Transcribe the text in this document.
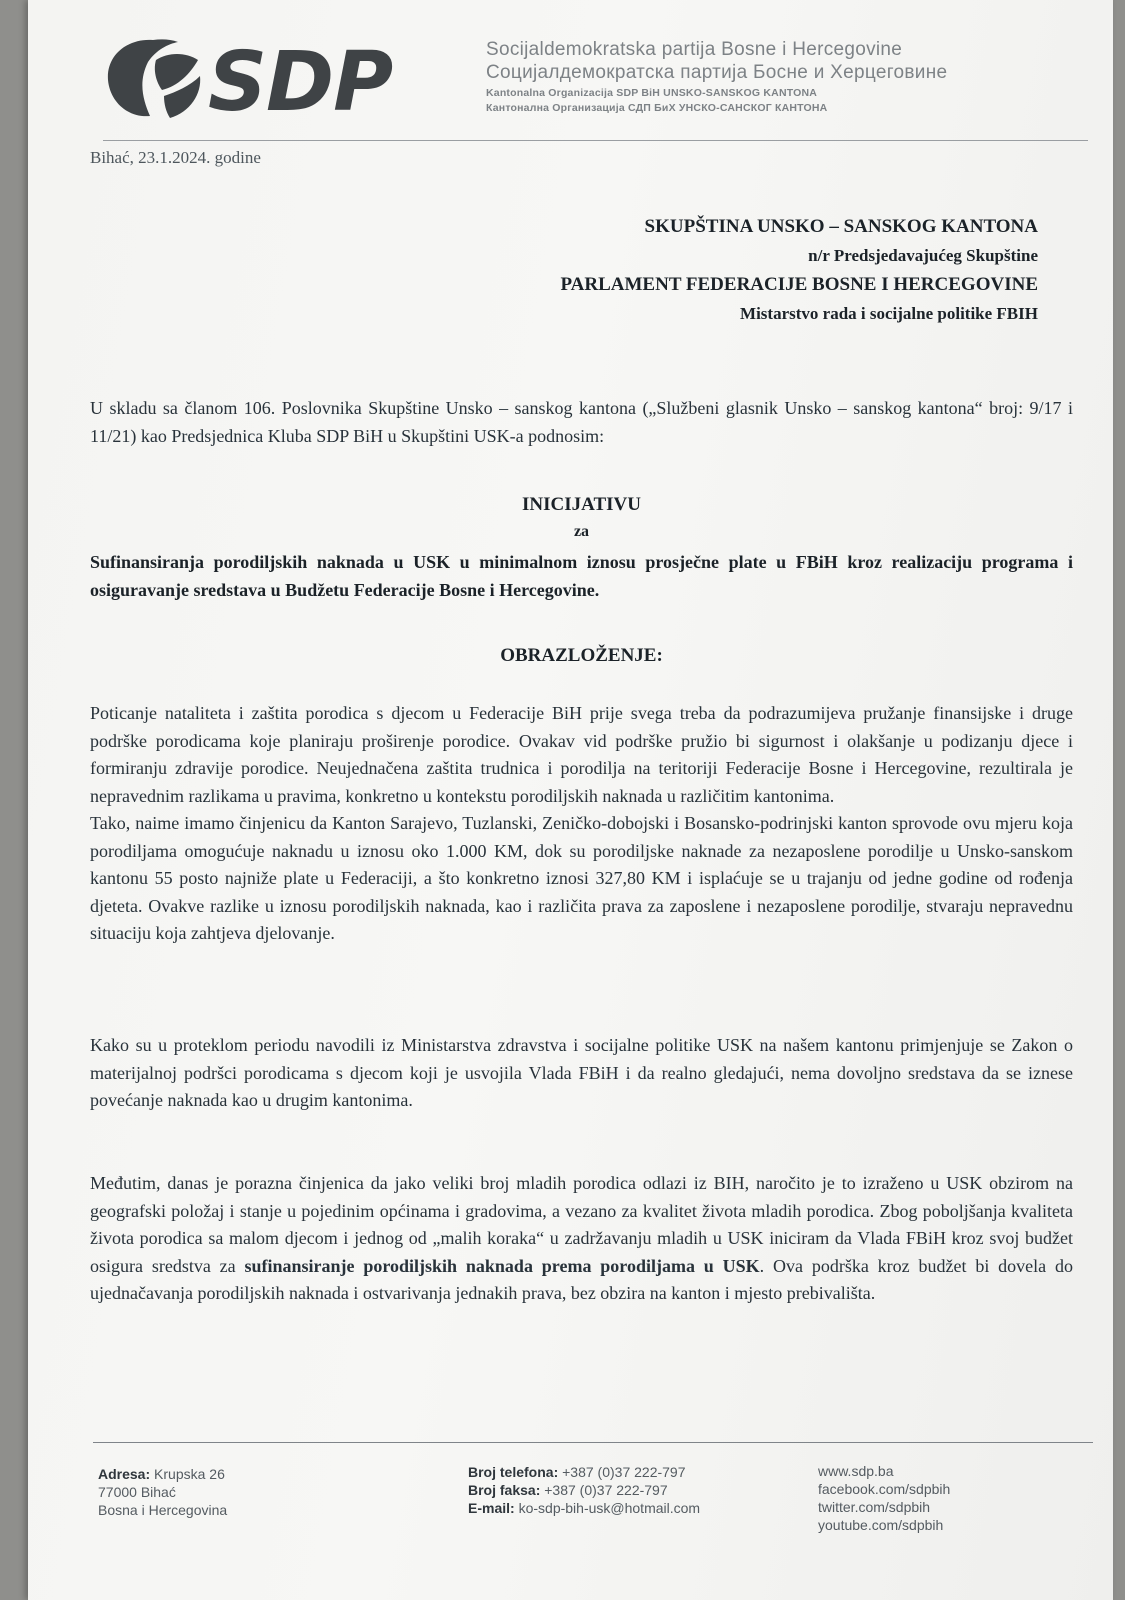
SDP	Socijaldemokratska partija Bosne i Hercegovine
Социјалдемократска партија Босне и Херцеговине
Kantonalna Organizacija SDP BiH UNSKO-SANSKOG KANTONA
Кантонална Организација СДП БиХ УНСКО-САНСКОГ КАНТОНА
Bihać, 23.1.2024. godine
SKUPŠTINA UNSKO – SANSKOG KANTONA
n/r Predsjedavajućeg Skupštine
PARLAMENT FEDERACIJE BOSNE I HERCEGOVINE
Mistarstvo rada i socijalne politike FBIH

U skladu sa članom 106. Poslovnika Skupštine Unsko – sanskog kantona („Službeni glasnik Unsko – sanskog kantona“ broj: 9/17 i 11/21) kao Predsjednica Kluba SDP BiH u Skupštini USK-a podnosim:

INICIJATIVU
za
Sufinansiranja porodiljskih naknada u USK u minimalnom iznosu prosječne plate u FBiH kroz realizaciju programa i osiguravanje sredstava u Budžetu Federacije Bosne i Hercegovine.
OBRAZLOŽENJE:

Poticanje nataliteta i zaštita porodica s djecom u Federacije BiH prije svega treba da podrazumijeva pružanje finansijske i druge podrške porodicama koje planiraju proširenje porodice. Ovakav vid podrške pružio bi sigurnost i olakšanje u podizanju djece i formiranju zdravije porodice. Neujednačena zaštita trudnica i porodilja na teritoriji Federacije Bosne i Hercegovine, rezultirala je nepravednim razlikama u pravima, konkretno u kontekstu porodiljskih naknada u različitim kantonima.

Tako, naime imamo činjenicu da Kanton Sarajevo, Tuzlanski, Zeničko-dobojski i Bosansko-podrinjski kanton sprovode ovu mjeru koja porodiljama omogućuje naknadu u iznosu oko 1.000 KM, dok su porodiljske naknade za nezaposlene porodilje u Unsko-sanskom kantonu 55 posto najniže plate u Federaciji, a što konkretno iznosi 327,80 KM i isplaćuje se u trajanju od jedne godine od rođenja djeteta. Ovakve razlike u iznosu porodiljskih naknada, kao i različita prava za zaposlene i nezaposlene porodilje, stvaraju nepravednu situaciju koja zahtjeva djelovanje.

Kako su u proteklom periodu navodili iz Ministarstva zdravstva i socijalne politike USK na našem kantonu primjenjuje se Zakon o materijalnoj podršci porodicama s djecom koji je usvojila Vlada FBiH i da realno gledajući, nema dovoljno sredstava da se iznese povećanje naknada kao u drugim kantonima.

Međutim, danas je porazna činjenica da jako veliki broj mladih porodica odlazi iz BIH, naročito je to izraženo u USK obzirom na geografski položaj i stanje u pojedinim općinama i gradovima, a vezano za kvalitet života mladih porodica. Zbog poboljšanja kvaliteta života porodica sa malom djecom i jednog od „malih koraka“ u zadržavanju mladih u USK iniciram da Vlada FBiH kroz svoj budžet osigura sredstva za sufinansiranje porodiljskih naknada prema porodiljama u USK. Ova podrška kroz budžet bi dovela do ujednačavanja porodiljskih naknada i ostvarivanja jednakih prava, bez obzira na kanton i mjesto prebivališta.

Adresa: Krupska 26
77000 Bihać
Bosna i Hercegovina
Broj telefona: +387 (0)37 222-797
Broj faksa: +387 (0)37 222-797
E-mail: ko-sdp-bih-usk@hotmail.com
www.sdp.ba
facebook.com/sdpbih
twitter.com/sdpbih
youtube.com/sdpbih
